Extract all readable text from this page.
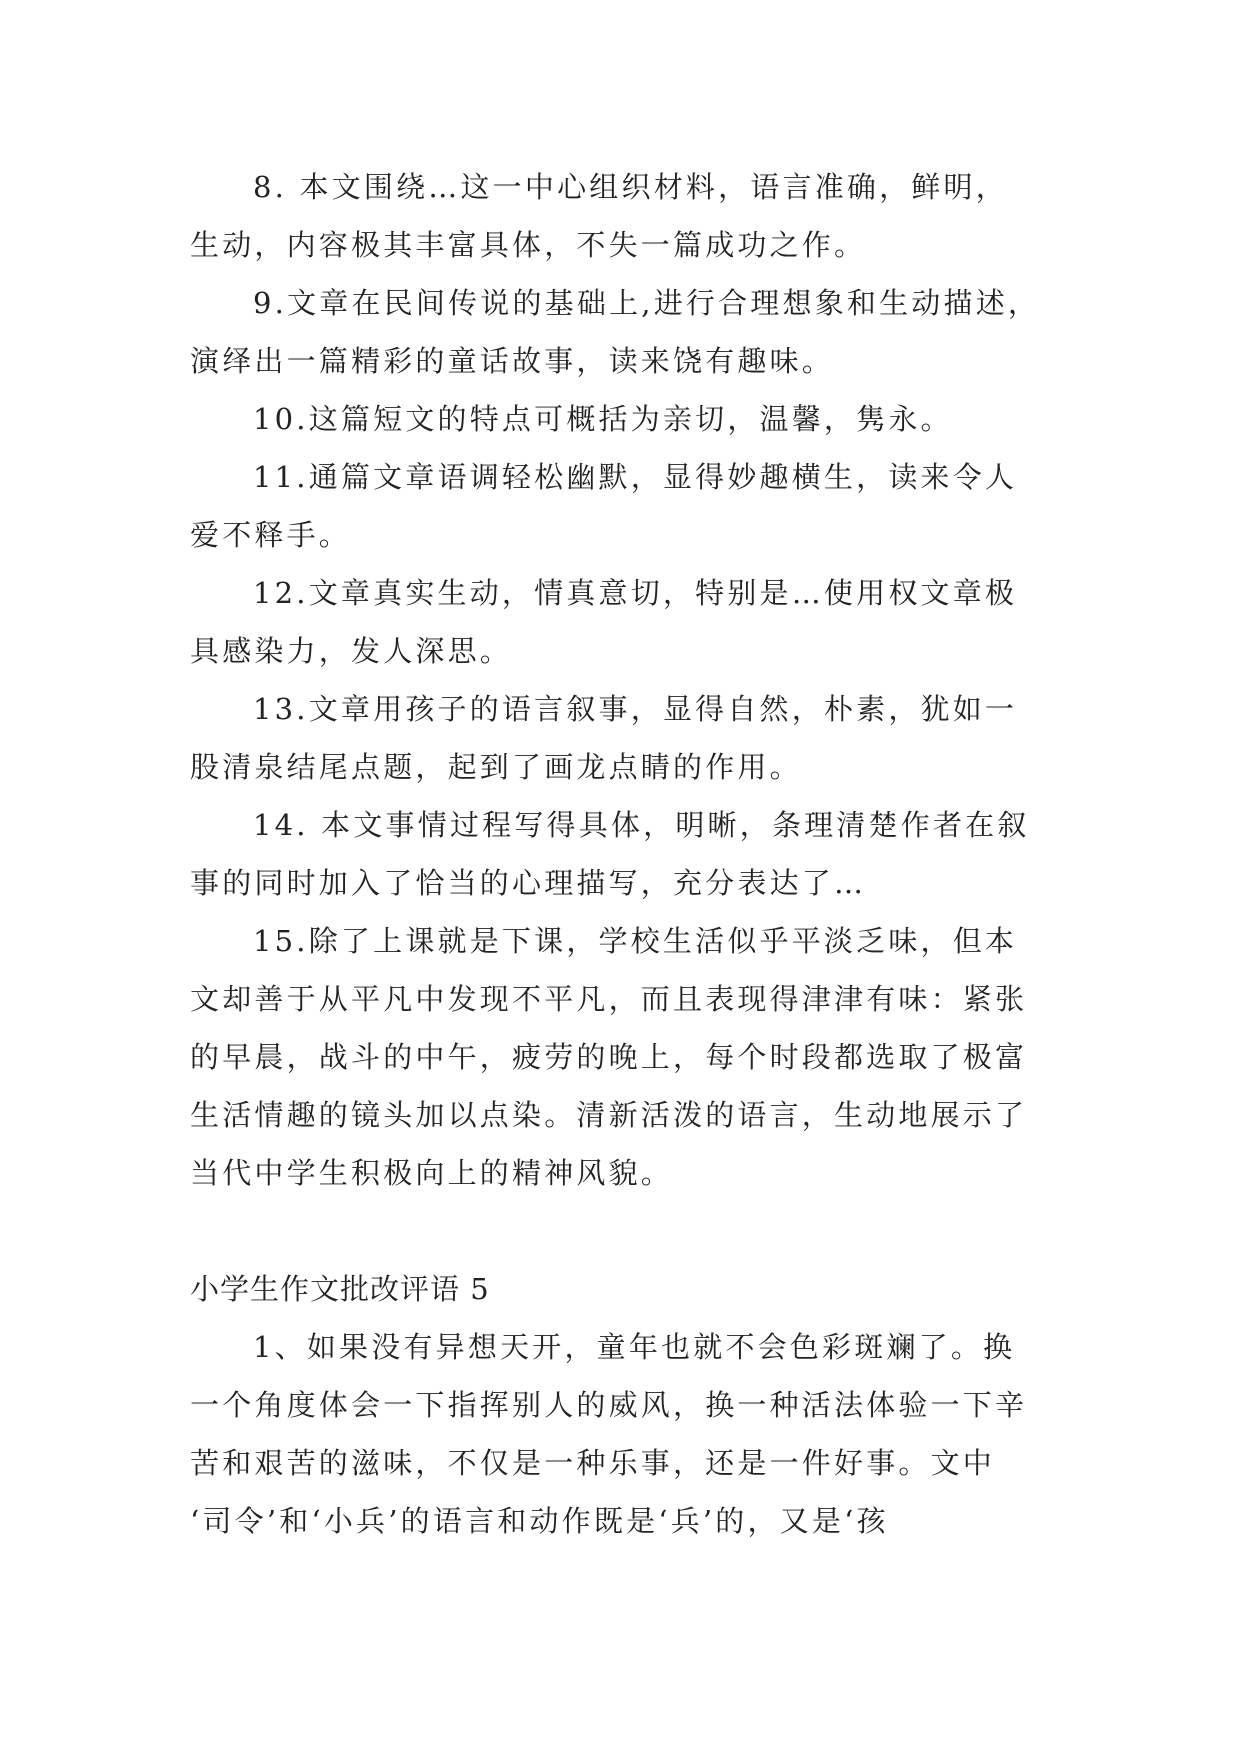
8. 本文围绕…这一中心组织材料，语言准确，鲜明，
生动，内容极其丰富具体，不失一篇成功之作。
9.文章在民间传说的基础上,进行合理想象和生动描述，
演绎出一篇精彩的童话故事，读来饶有趣味。
10.这篇短文的特点可概括为亲切，温馨，隽永。
11.通篇文章语调轻松幽默，显得妙趣横生，读来令人
爱不释手。
12.文章真实生动，情真意切，特别是…使用权文章极
具感染力，发人深思。
13.文章用孩子的语言叙事，显得自然，朴素，犹如一
股清泉结尾点题，起到了画龙点睛的作用。
14. 本文事情过程写得具体，明晰，条理清楚作者在叙
事的同时加入了恰当的心理描写，充分表达了…
15.除了上课就是下课，学校生活似乎平淡乏味，但本
文却善于从平凡中发现不平凡，而且表现得津津有味：紧张
的早晨，战斗的中午，疲劳的晚上，每个时段都选取了极富
生活情趣的镜头加以点染。清新活泼的语言，生动地展示了
当代中学生积极向上的精神风貌。
小学生作文批改评语 5
1、如果没有异想天开，童年也就不会色彩斑斓了。换
一个角度体会一下指挥别人的威风，换一种活法体验一下辛
苦和艰苦的滋味，不仅是一种乐事，还是一件好事。文中
‘司令’和‘小兵’的语言和动作既是‘兵’的，又是‘孩
